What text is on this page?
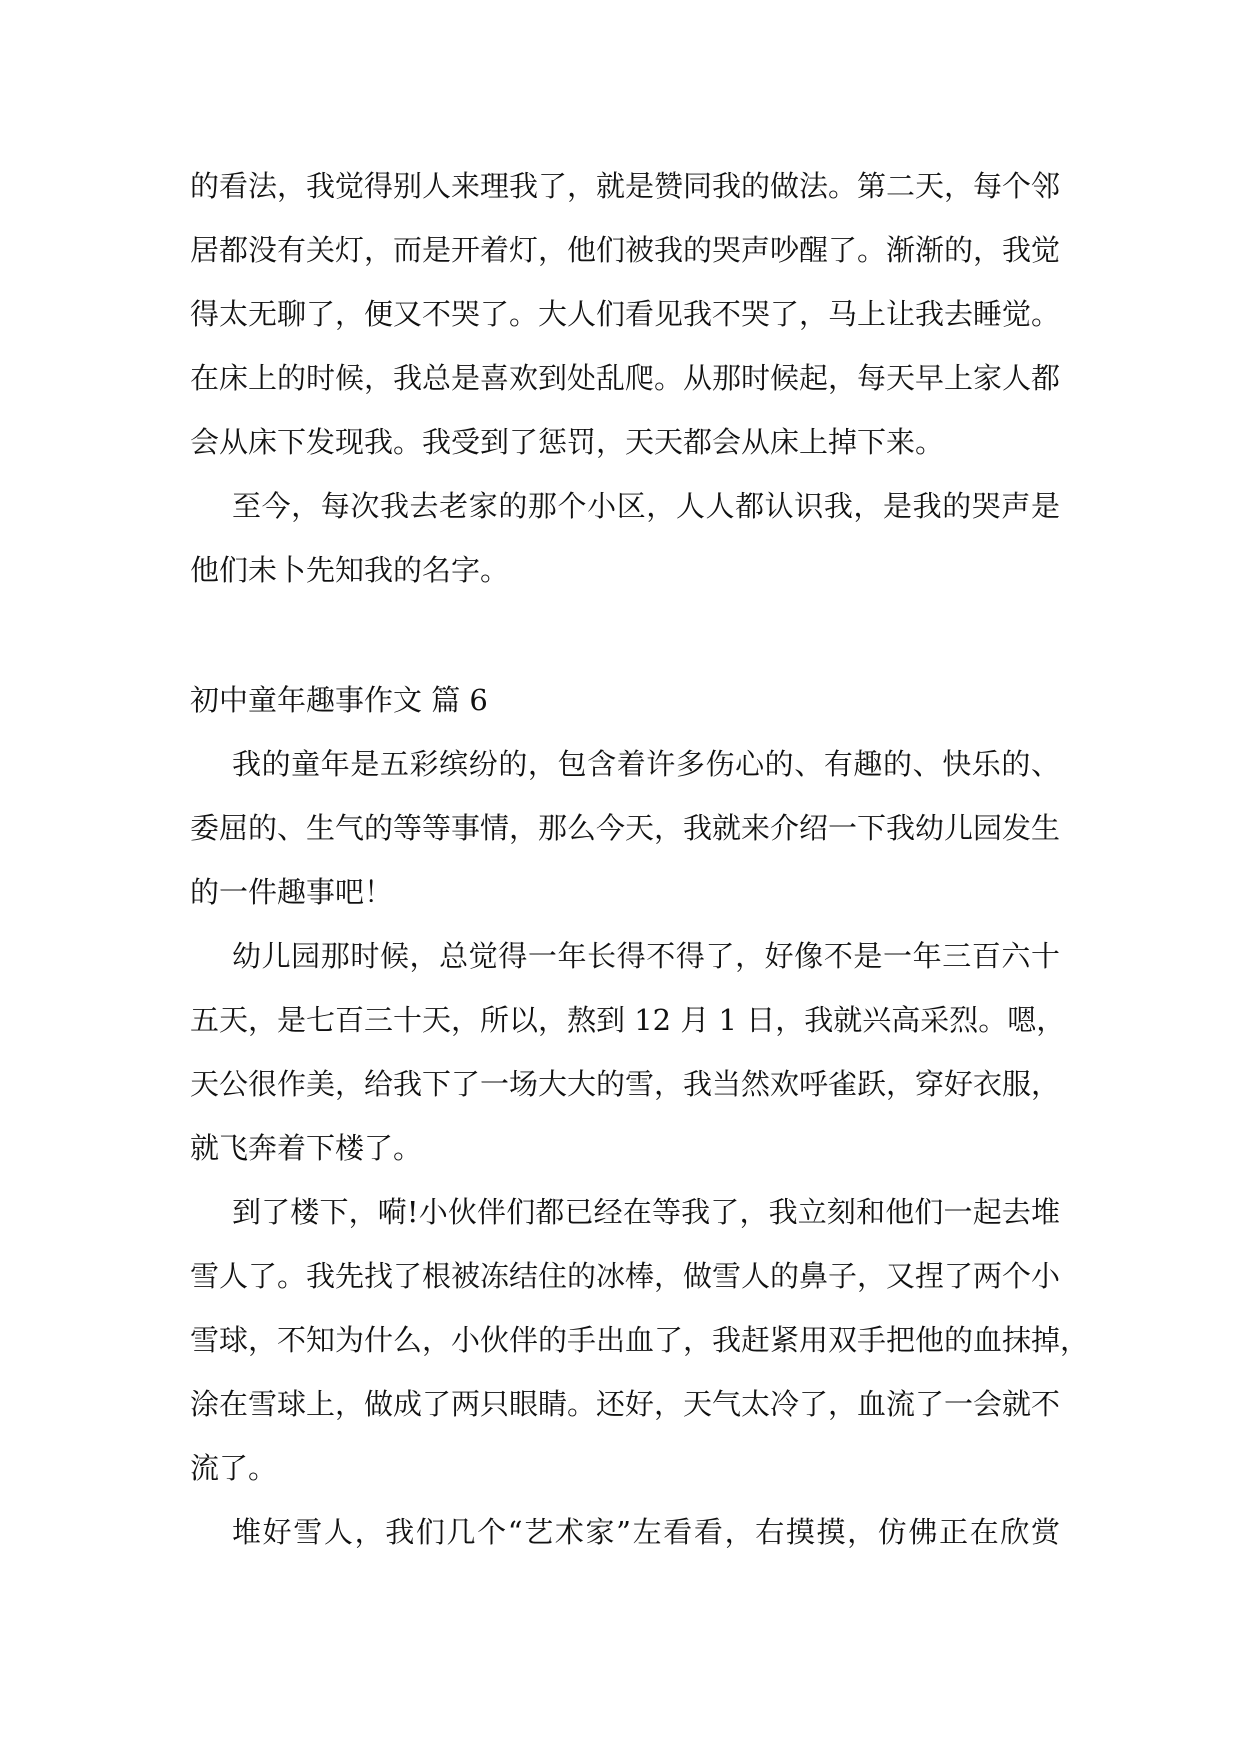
的看法，我觉得别人来理我了，就是赞同我的做法。第二天，每个邻
居都没有关灯，而是开着灯，他们被我的哭声吵醒了。渐渐的，我觉
得太无聊了，便又不哭了。大人们看见我不哭了，马上让我去睡觉。
在床上的时候，我总是喜欢到处乱爬。从那时候起，每天早上家人都
会从床下发现我。我受到了惩罚，天天都会从床上掉下来。
至今，每次我去老家的那个小区，人人都认识我，是我的哭声是
他们未卜先知我的名字。
初中童年趣事作文 篇 6
我的童年是五彩缤纷的，包含着许多伤心的、有趣的、快乐的、
委屈的、生气的等等事情，那么今天，我就来介绍一下我幼儿园发生
的一件趣事吧！
幼儿园那时候，总觉得一年长得不得了，好像不是一年三百六十
五天，是七百三十天，所以，熬到 12 月 1 日，我就兴高采烈。嗯，
天公很作美，给我下了一场大大的雪，我当然欢呼雀跃，穿好衣服，
就飞奔着下楼了。
到了楼下，嗬!小伙伴们都已经在等我了，我立刻和他们一起去堆
雪人了。我先找了根被冻结住的冰棒，做雪人的鼻子，又捏了两个小
雪球，不知为什么，小伙伴的手出血了，我赶紧用双手把他的血抹掉，
涂在雪球上，做成了两只眼睛。还好，天气太冷了，血流了一会就不
流了。
堆好雪人，我们几个“艺术家”左看看，右摸摸，仿佛正在欣赏
